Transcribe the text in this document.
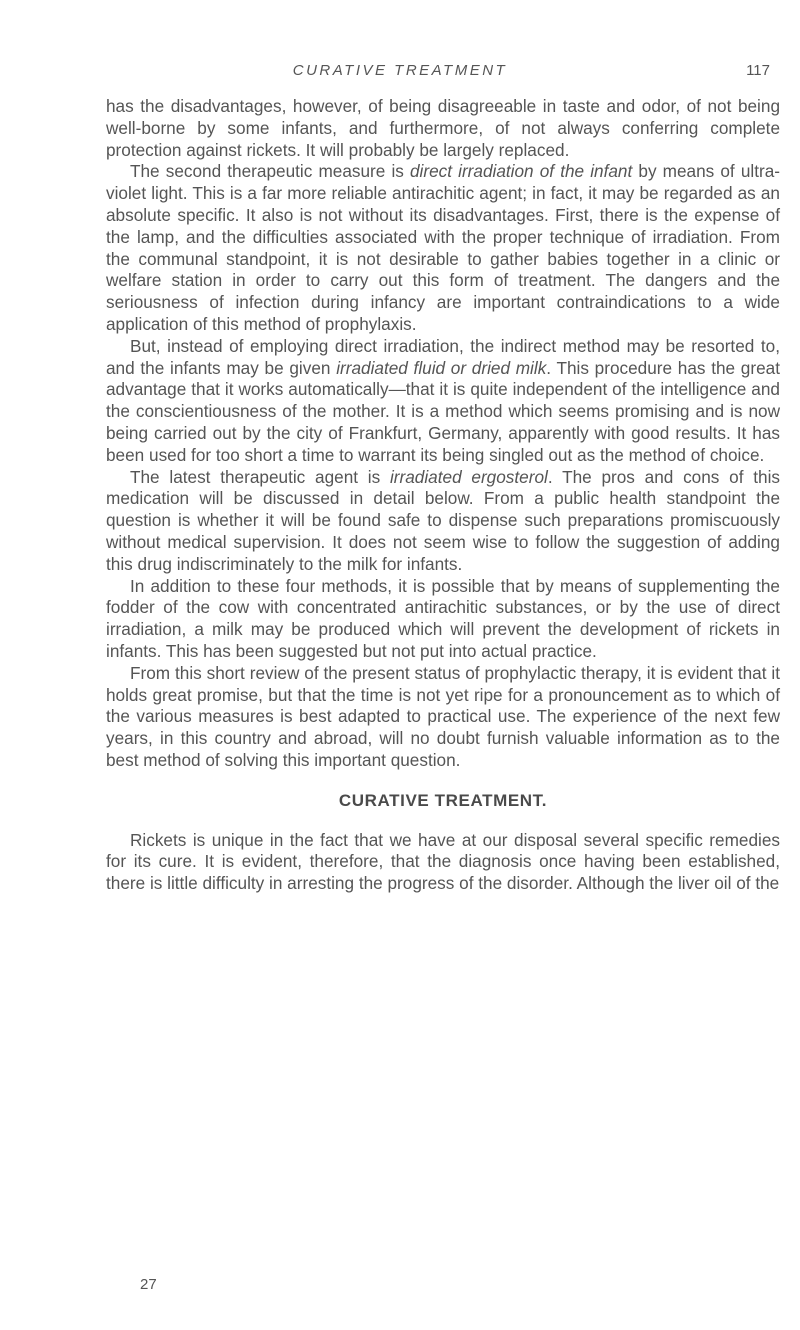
CURATIVE TREATMENT	117

has the disadvantages, however, of being disagreeable in taste and odor, of not being well-borne by some infants, and furthermore, of not always conferring complete protection against rickets. It will probably be largely replaced.

The second therapeutic measure is direct irradiation of the infant by means of ultra-violet light. This is a far more reliable antirachitic agent; in fact, it may be regarded as an absolute specific. It also is not without its disadvantages. First, there is the expense of the lamp, and the difficulties associated with the proper technique of irradiation. From the communal standpoint, it is not desirable to gather babies together in a clinic or welfare station in order to carry out this form of treatment. The dangers and the seriousness of infection during infancy are important contraindications to a wide application of this method of prophylaxis.

But, instead of employing direct irradiation, the indirect method may be resorted to, and the infants may be given irradiated fluid or dried milk. This procedure has the great advantage that it works automatically—that it is quite independent of the intelligence and the conscientiousness of the mother. It is a method which seems promising and is now being carried out by the city of Frankfurt, Germany, apparently with good results. It has been used for too short a time to warrant its being singled out as the method of choice.

The latest therapeutic agent is irradiated ergosterol. The pros and cons of this medication will be discussed in detail below. From a public health standpoint the question is whether it will be found safe to dispense such preparations promiscuously without medical supervision. It does not seem wise to follow the suggestion of adding this drug indiscriminately to the milk for infants.

In addition to these four methods, it is possible that by means of supplementing the fodder of the cow with concentrated antirachitic substances, or by the use of direct irradiation, a milk may be produced which will prevent the development of rickets in infants. This has been suggested but not put into actual practice.

From this short review of the present status of prophylactic therapy, it is evident that it holds great promise, but that the time is not yet ripe for a pronouncement as to which of the various measures is best adapted to practical use. The experience of the next few years, in this country and abroad, will no doubt furnish valuable information as to the best method of solving this important question.

CURATIVE TREATMENT.

Rickets is unique in the fact that we have at our disposal several specific remedies for its cure. It is evident, therefore, that the diagnosis once having been established, there is little difficulty in arresting the progress of the disorder. Although the liver oil of the

27
